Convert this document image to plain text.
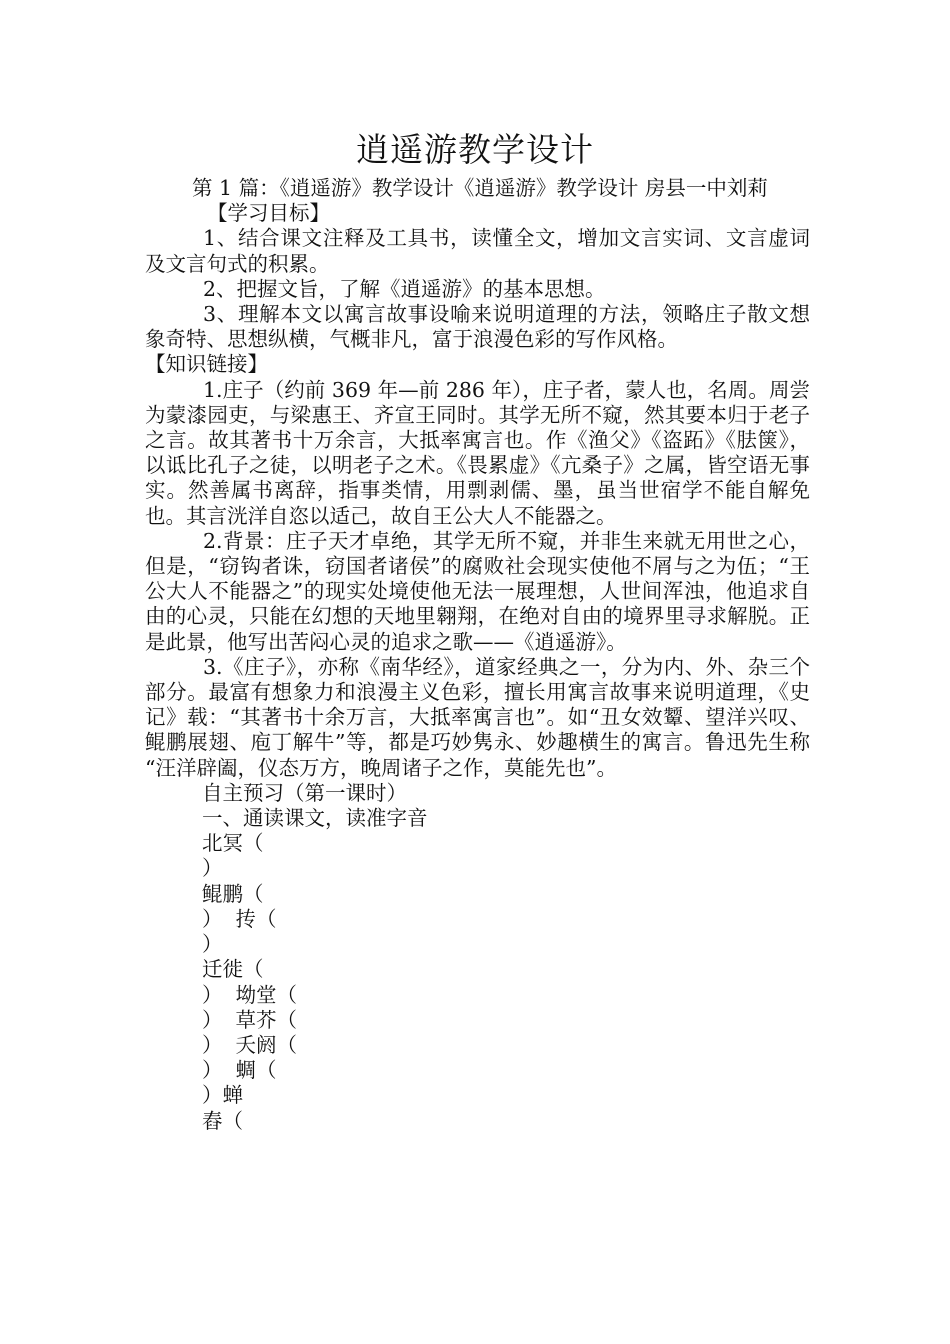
逍遥游教学设计

第 1 篇：《逍遥游》教学设计《逍遥游》教学设计 房县一中刘莉

【学习目标】

1、结合课文注释及工具书，读懂全文，增加文言实词、文言虚词及文言句式的积累。

2、把握文旨，了解《逍遥游》的基本思想。

3、理解本文以寓言故事设喻来说明道理的方法，领略庄子散文想象奇特、思想纵横，气概非凡，富于浪漫色彩的写作风格。

【知识链接】

1.庄子（约前 369 年—前 286 年），庄子者，蒙人也，名周。周尝为蒙漆园吏，与梁惠王、齐宣王同时。其学无所不窥，然其要本归于老子之言。故其著书十万余言，大抵率寓言也。作《渔父》《盗跖》《胠箧》，以诋比孔子之徒，以明老子之术。《畏累虚》《亢桑子》之属，皆空语无事实。然善属书离辞，指事类情，用剽剥儒、墨，虽当世宿学不能自解免也。其言洸洋自恣以适己，故自王公大人不能器之。

2.背景：庄子天才卓绝，其学无所不窥，并非生来就无用世之心，但是，“窃钩者诛，窃国者诸侯”的腐败社会现实使他不屑与之为伍；“王公大人不能器之”的现实处境使他无法一展理想，人世间浑浊，他追求自由的心灵，只能在幻想的天地里翱翔，在绝对自由的境界里寻求解脱。正是此景，他写出苦闷心灵的追求之歌——《逍遥游》。

3.《庄子》，亦称《南华经》，道家经典之一，分为内、外、杂三个部分。最富有想象力和浪漫主义色彩，擅长用寓言故事来说明道理，《史记》载：“其著书十余万言，大抵率寓言也”。如“丑女效颦、望洋兴叹、鲲鹏展翅、庖丁解牛”等，都是巧妙隽永、妙趣横生的寓言。鲁迅先生称 “汪洋辟阖，仪态万方，晚周诸子之作，莫能先也”。

自主预习（第一课时）

一、通读课文，读准字音

北冥（

）

鲲鹏（

）  抟（

）

迁徙（

）  坳堂（

）  草芥（

）  夭阏（

）  蜩（

）蝉

舂（
